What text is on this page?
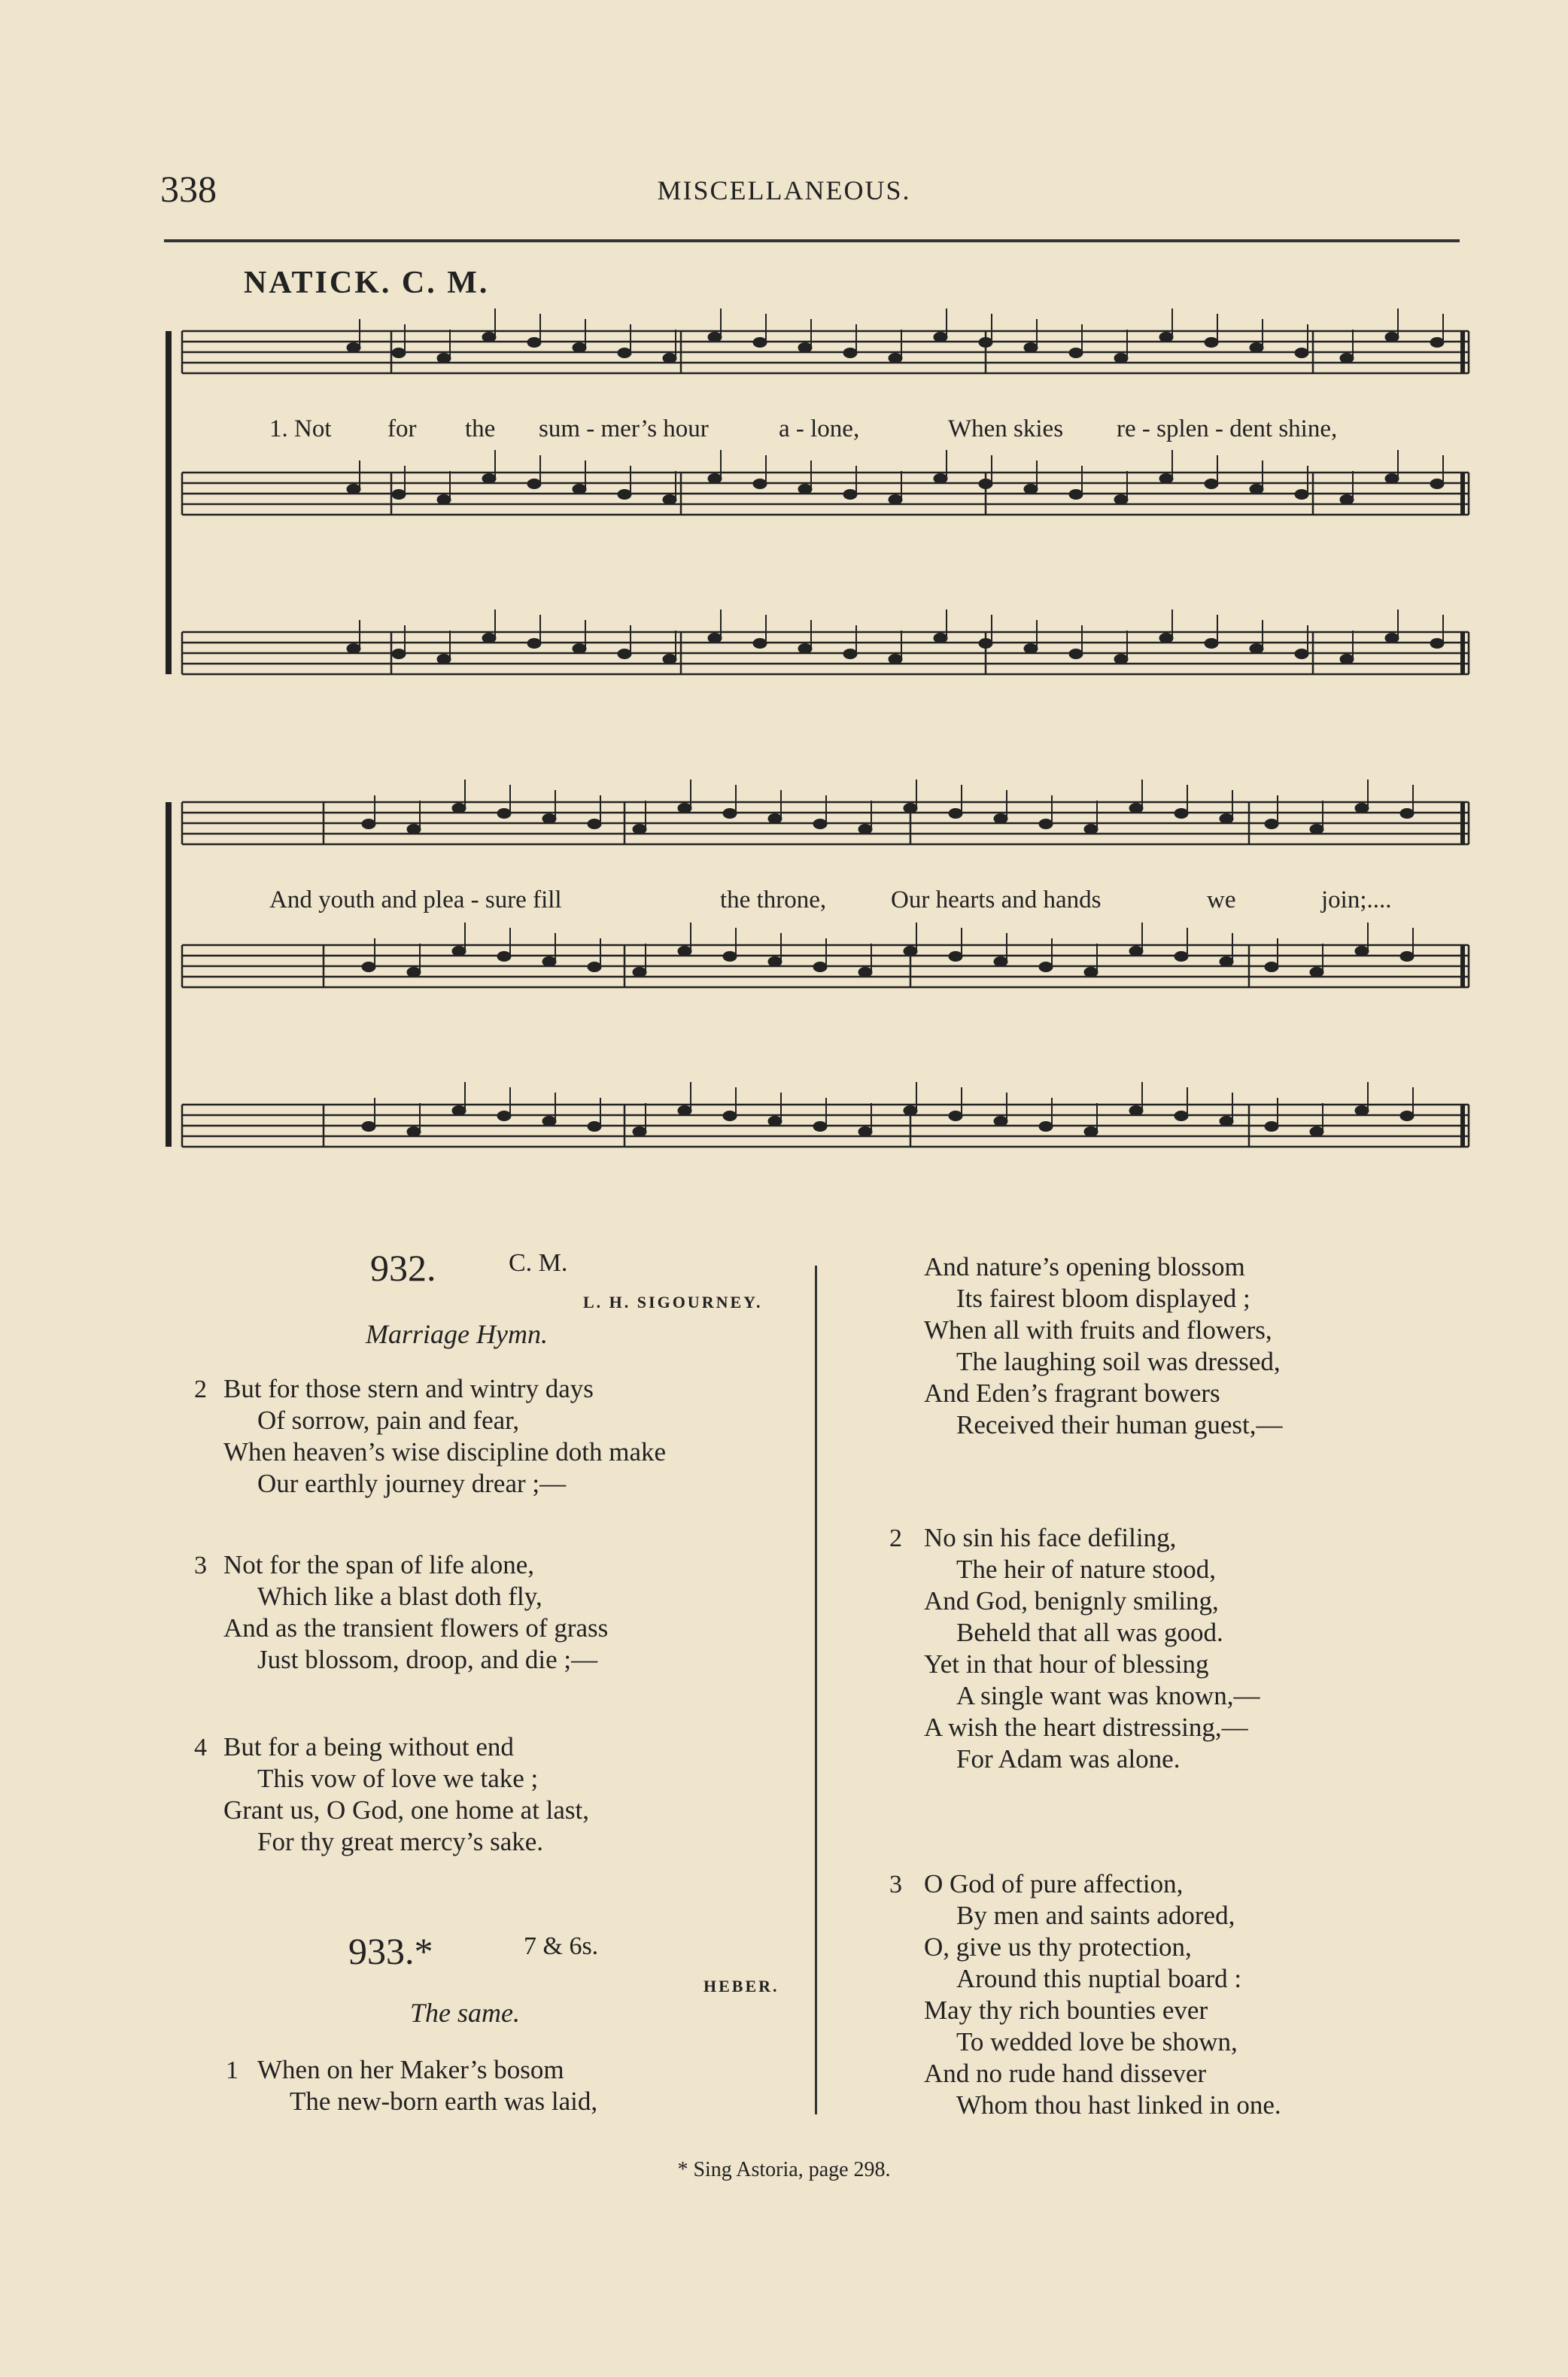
338	MISCELLANEOUS.
NATICK. C. M.
1. Not for the sum - mer’s hour	a - lone,	When skies re - splen - dent shine,
And youth and plea - sure fill	the throne,	Our hearts and hands	we	join;....
932.	C. M.
L. H. SIGOURNEY.
Marriage Hymn.
2 But for those stern and wintry days
Of sorrow, pain and fear,
When heaven’s wise discipline doth make
Our earthly journey drear ;—
3 Not for the span of life alone,
Which like a blast doth fly,
And as the transient flowers of grass
Just blossom, droop, and die ;—
4 But for a being without end
This vow of love we take ;
Grant us, O God, one home at last,
For thy great mercy’s sake.
933.*	7 & 6s.
HEBER.
The same.
1 When on her Maker’s bosom
The new-born earth was laid,
And nature’s opening blossom
Its fairest bloom displayed ;
When all with fruits and flowers,
The laughing soil was dressed,
And Eden’s fragrant bowers
Received their human guest,—
2 No sin his face defiling,
The heir of nature stood,
And God, benignly smiling,
Beheld that all was good.
Yet in that hour of blessing
A single want was known,—
A wish the heart distressing,—
For Adam was alone.
3 O God of pure affection,
By men and saints adored,
O, give us thy protection,
Around this nuptial board :
May thy rich bounties ever
To wedded love be shown,
And no rude hand dissever
Whom thou hast linked in one.
* Sing Astoria, page 298.
